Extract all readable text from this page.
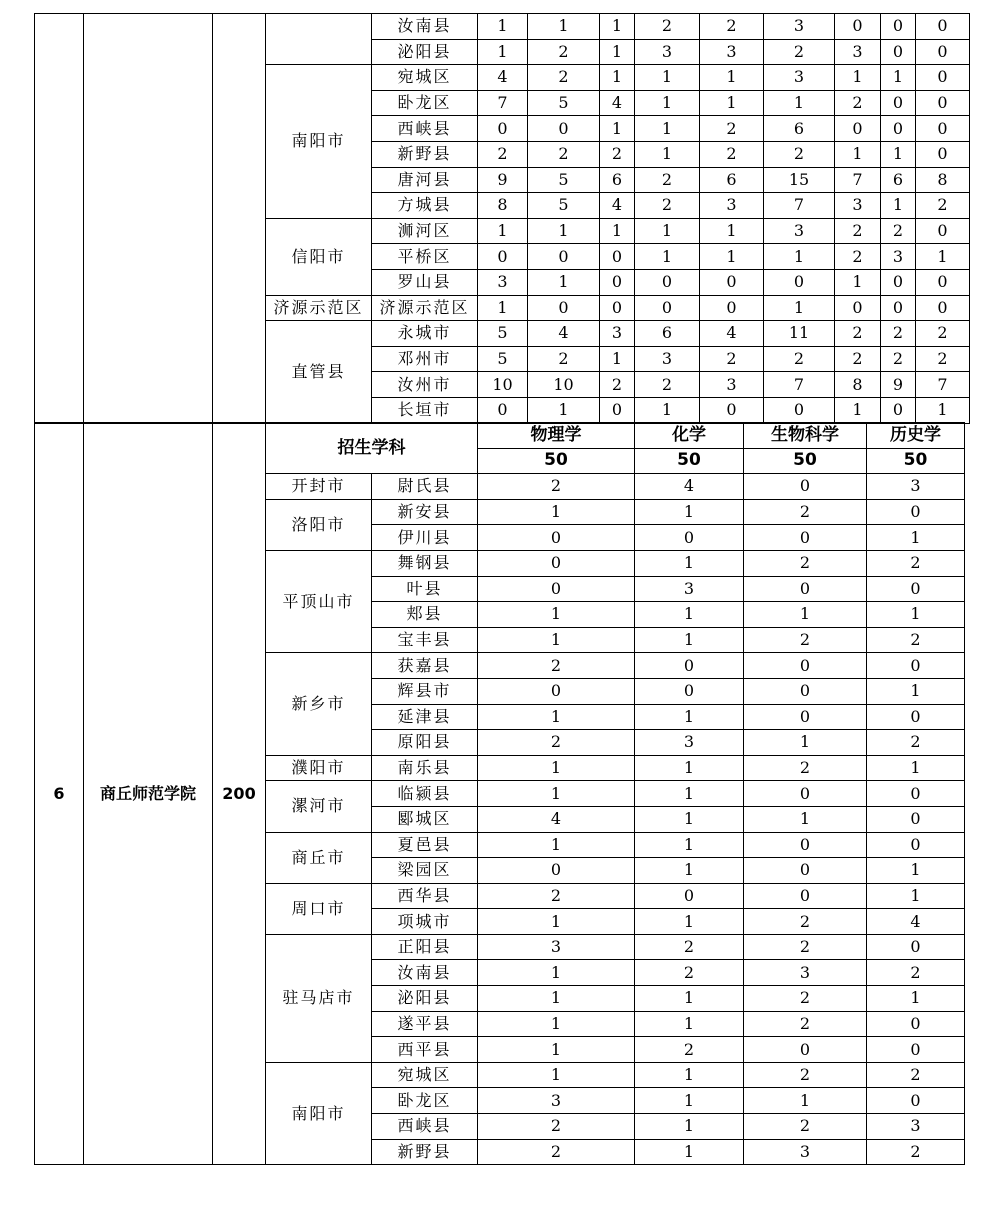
				汝南县	1	1	1	2	2	3	0	0	0
				泌阳县	1	2	1	3	3	2	3	0	0
			南阳市	宛城区	4	2	1	1	1	3	1	1	0
				卧龙区	7	5	4	1	1	1	2	0	0
				西峡县	0	0	1	1	2	6	0	0	0
				新野县	2	2	2	1	2	2	1	1	0
				唐河县	9	5	6	2	6	15	7	6	8
				方城县	8	5	4	2	3	7	3	1	2
			信阳市	浉河区	1	1	1	1	1	3	2	2	0
				平桥区	0	0	0	1	1	1	2	3	1
				罗山县	3	1	0	0	0	0	1	0	0
			济源示范区	济源示范区	1	0	0	0	0	1	0	0	0
			直管县	永城市	5	4	3	6	4	11	2	2	2
				邓州市	5	2	1	3	2	2	2	2	2
				汝州市	10	10	2	2	3	7	8	9	7
				长垣市	0	1	0	1	0	0	1	0	1
6	商丘师范学院	200	招生学科		物理学	化学	生物科学	历史学
					50	50	50	50
			开封市	尉氏县	2	4	0	3
			洛阳市	新安县	1	1	2	0
				伊川县	0	0	0	1
			平顶山市	舞钢县	0	1	2	2
				叶县	0	3	0	0
				郏县	1	1	1	1
				宝丰县	1	1	2	2
			新乡市	获嘉县	2	0	0	0
				辉县市	0	0	0	1
				延津县	1	1	0	0
				原阳县	2	3	1	2
			濮阳市	南乐县	1	1	2	1
			漯河市	临颍县	1	1	0	0
				郾城区	4	1	1	0
			商丘市	夏邑县	1	1	0	0
				梁园区	0	1	0	1
			周口市	西华县	2	0	0	1
				项城市	1	1	2	4
			驻马店市	正阳县	3	2	2	0
				汝南县	1	2	3	2
				泌阳县	1	1	2	1
				遂平县	1	1	2	0
				西平县	1	2	0	0
			南阳市	宛城区	1	1	2	2
				卧龙区	3	1	1	0
				西峡县	2	1	2	3
				新野县	2	1	3	2
